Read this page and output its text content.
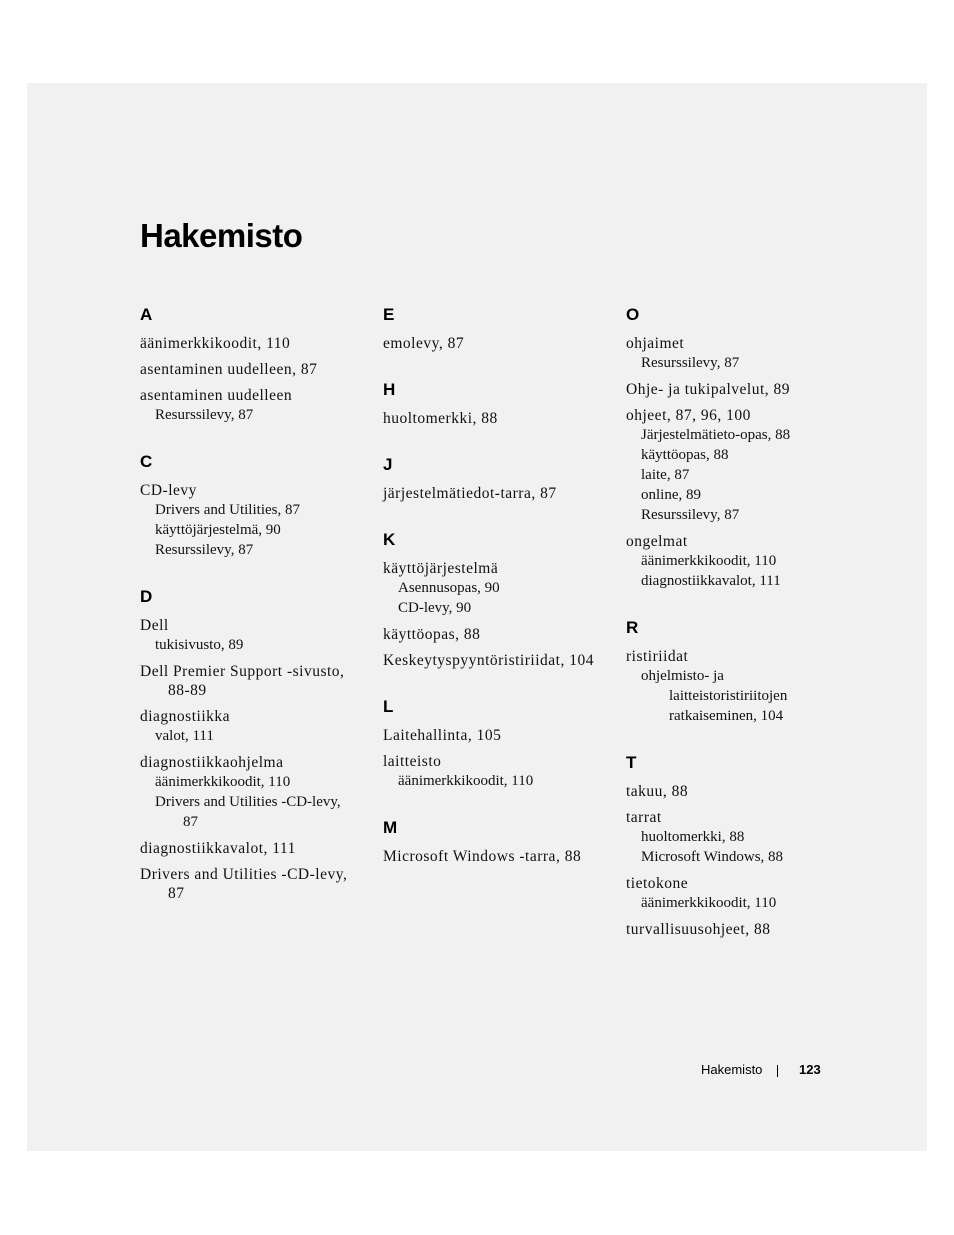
Hakemisto
A
äänimerkkikoodit, 110
asentaminen uudelleen, 87
asentaminen uudelleen
Resurssilevy, 87
C
CD-levy
Drivers and Utilities, 87
käyttöjärjestelmä, 90
Resurssilevy, 87
D
Dell
tukisivusto, 89
Dell Premier Support -sivusto, 88-89
diagnostiikka
valot, 111
diagnostiikkaohjelma
äänimerkkikoodit, 110
Drivers and Utilities -CD-levy, 87
diagnostiikkavalot, 111
Drivers and Utilities -CD-levy, 87
E
emolevy, 87
H
huoltomerkki, 88
J
järjestelmätiedot-tarra, 87
K
käyttöjärjestelmä
Asennusopas, 90
CD-levy, 90
käyttöopas, 88
Keskeytyspyyntöristiriidat, 104
L
Laitehallinta, 105
laitteisto
äänimerkkikoodit, 110
M
Microsoft Windows -tarra, 88
O
ohjaimet
Resurssilevy, 87
Ohje- ja tukipalvelut, 89
ohjeet, 87, 96, 100
Järjestelmätieto-opas, 88
käyttöopas, 88
laite, 87
online, 89
Resurssilevy, 87
ongelmat
äänimerkkikoodit, 110
diagnostiikkavalot, 111
R
ristiriidat
ohjelmisto- ja laitteistoristiriitojen ratkaiseminen, 104
T
takuu, 88
tarrat
huoltomerkki, 88
Microsoft Windows, 88
tietokone
äänimerkkikoodit, 110
turvallisuusohjeet, 88
Hakemisto	123
